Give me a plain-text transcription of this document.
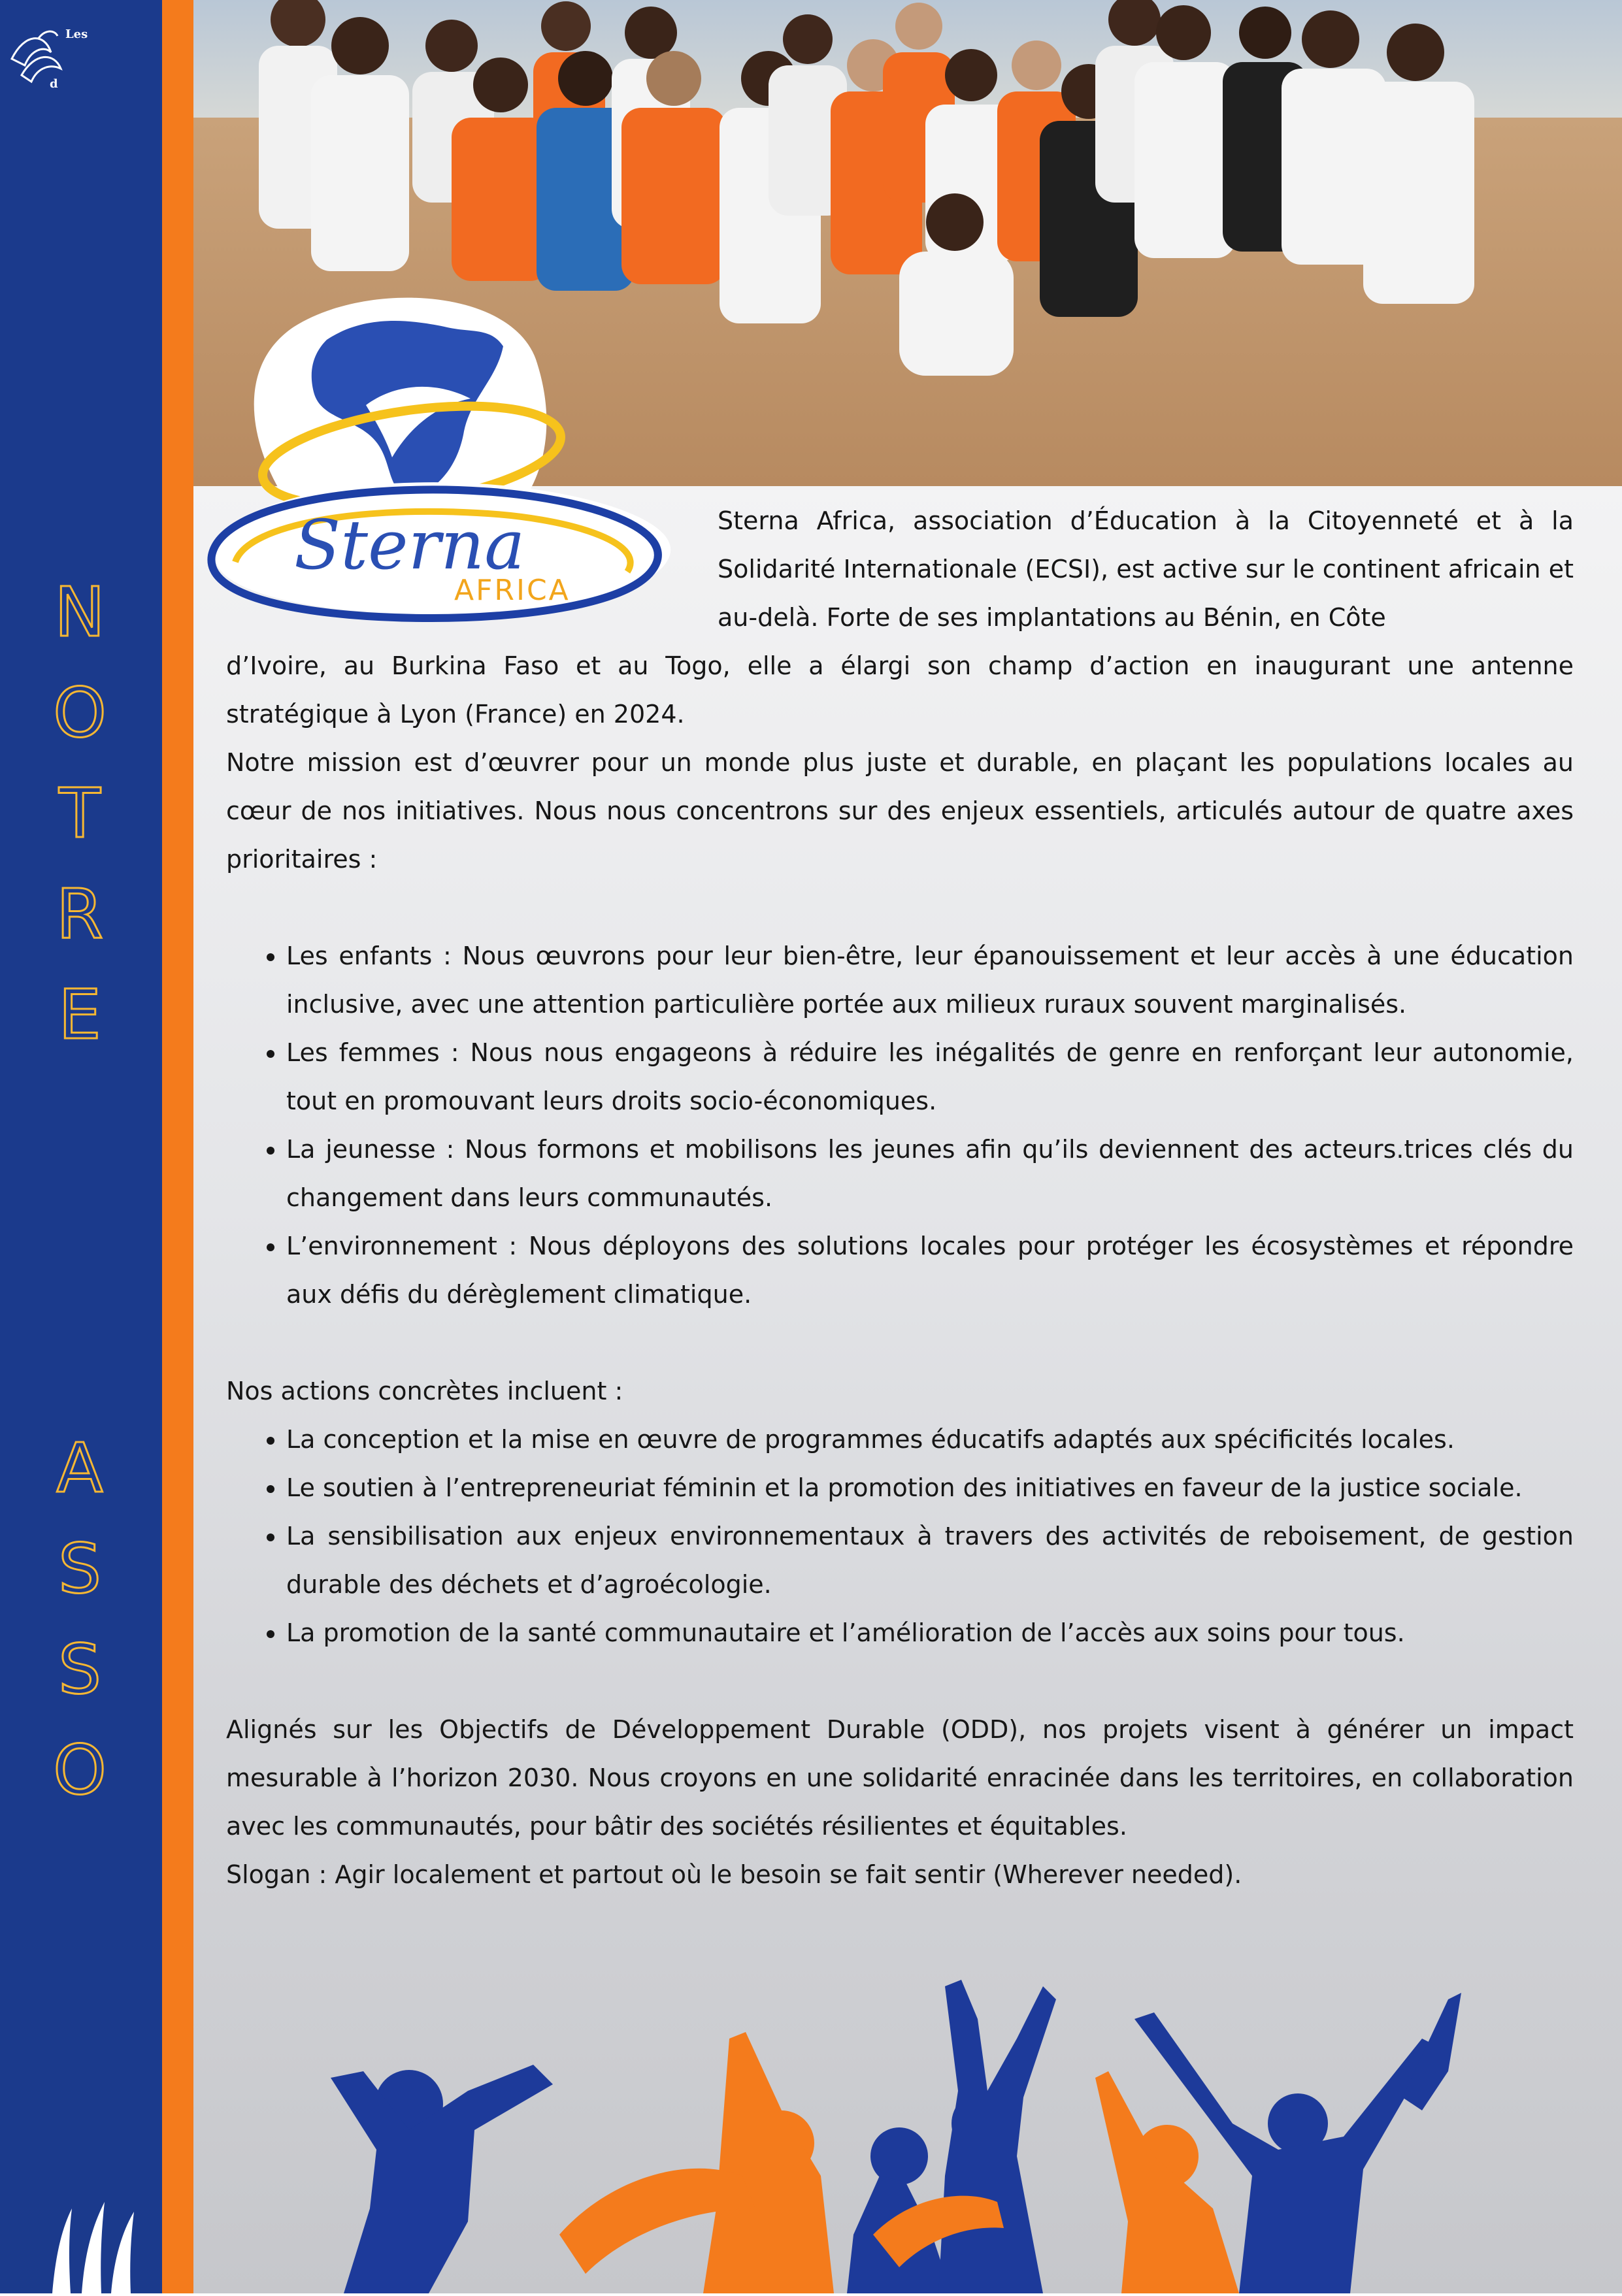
Les
d
N
O
T
R
E
A
S
S
O
Sterna
AFRICA

Sterna Africa, association d’Éducation à la Citoyenneté et à la Solidarité Internationale (ECSI), est active sur le continent africain et au-delà. Forte de ses implantations au Bénin, en Côte

d’Ivoire, au Burkina Faso et au Togo, elle a élargi son champ d’action en inaugurant une antenne stratégique à Lyon (France) en 2024.

Notre mission est d’œuvrer pour un monde plus juste et durable, en plaçant les populations locales au cœur de nos initiatives. Nous nous concentrons sur des enjeux essentiels, articulés autour de quatre axes prioritaires :

• Les enfants : Nous œuvrons pour leur bien-être, leur épanouissement et leur accès à une éducation inclusive, avec une attention particulière portée aux milieux ruraux souvent marginalisés.
• Les femmes : Nous nous engageons à réduire les inégalités de genre en renforçant leur autonomie, tout en promouvant leurs droits socio-économiques.
• La jeunesse : Nous formons et mobilisons les jeunes afin qu’ils deviennent des acteurs.trices clés du changement dans leurs communautés.
• L’environnement : Nous déployons des solutions locales pour protéger les écosystèmes et répondre aux défis du dérèglement climatique.

Nos actions concrètes incluent :

• La conception et la mise en œuvre de programmes éducatifs adaptés aux spécificités locales.
• Le soutien à l’entrepreneuriat féminin et la promotion des initiatives en faveur de la justice sociale.
• La sensibilisation aux enjeux environnementaux à travers des activités de reboisement, de gestion durable des déchets et d’agroécologie.
• La promotion de la santé communautaire et l’amélioration de l’accès aux soins pour tous.

Alignés sur les Objectifs de Développement Durable (ODD), nos projets visent à générer un impact mesurable à l’horizon 2030. Nous croyons en une solidarité enracinée dans les territoires, en collaboration avec les communautés, pour bâtir des sociétés résilientes et équitables.

Slogan : Agir localement et partout où le besoin se fait sentir (Wherever needed).
